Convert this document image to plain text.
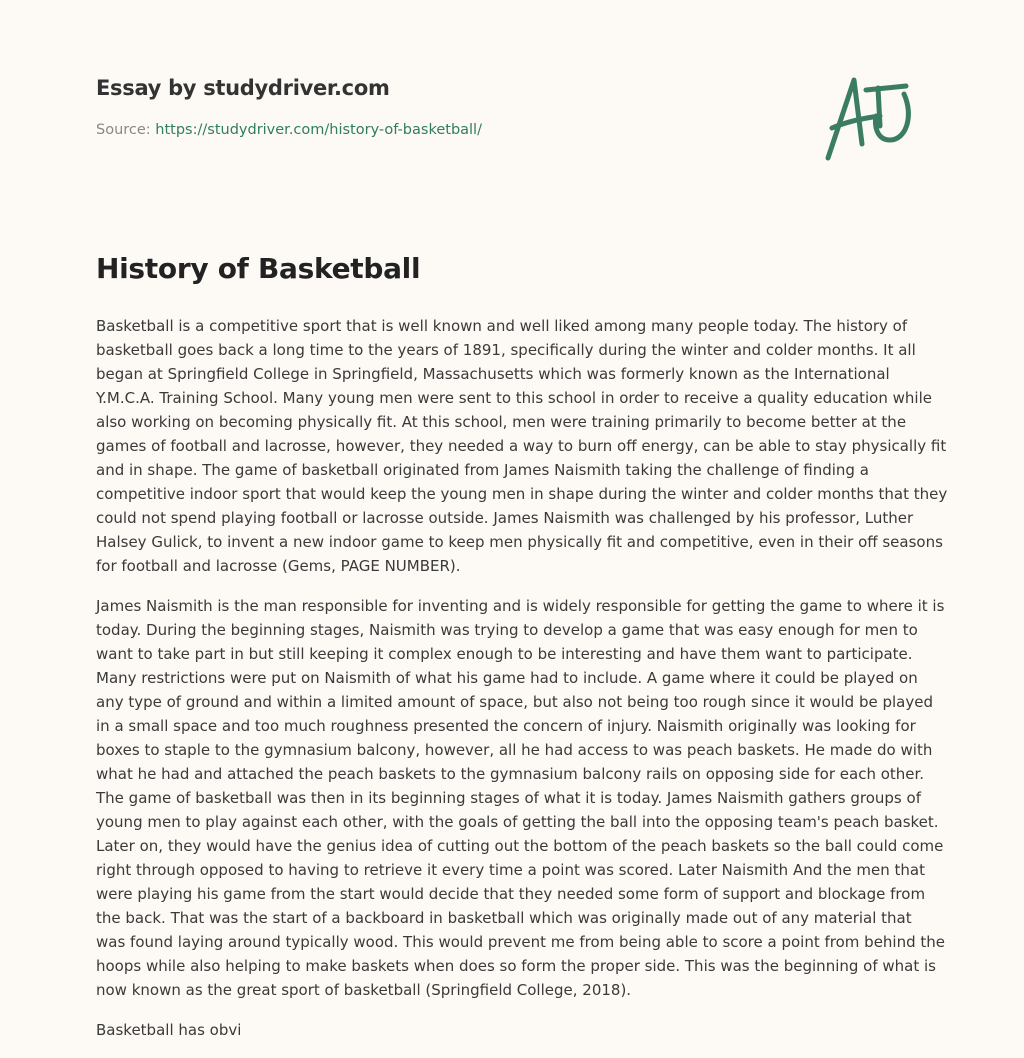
Essay by studydriver.com
Source: https://studydriver.com/history-of-basketball/
History of Basketball

Basketball is a competitive sport that is well known and well liked among many people today. The history of
basketball goes back a long time to the years of 1891, specifically during the winter and colder months. It all
began at Springfield College in Springfield, Massachusetts which was formerly known as the International
Y.M.C.A. Training School. Many young men were sent to this school in order to receive a quality education while
also working on becoming physically fit. At this school, men were training primarily to become better at the
games of football and lacrosse, however, they needed a way to burn off energy, can be able to stay physically fit
and in shape. The game of basketball originated from James Naismith taking the challenge of finding a
competitive indoor sport that would keep the young men in shape during the winter and colder months that they
could not spend playing football or lacrosse outside. James Naismith was challenged by his professor, Luther
Halsey Gulick, to invent a new indoor game to keep men physically fit and competitive, even in their off seasons
for football and lacrosse (Gems, PAGE NUMBER).

James Naismith is the man responsible for inventing and is widely responsible for getting the game to where it is
today. During the beginning stages, Naismith was trying to develop a game that was easy enough for men to
want to take part in but still keeping it complex enough to be interesting and have them want to participate.
Many restrictions were put on Naismith of what his game had to include. A game where it could be played on
any type of ground and within a limited amount of space, but also not being too rough since it would be played
in a small space and too much roughness presented the concern of injury. Naismith originally was looking for
boxes to staple to the gymnasium balcony, however, all he had access to was peach baskets. He made do with
what he had and attached the peach baskets to the gymnasium balcony rails on opposing side for each other.
The game of basketball was then in its beginning stages of what it is today. James Naismith gathers groups of
young men to play against each other, with the goals of getting the ball into the opposing team's peach basket.
Later on, they would have the genius idea of cutting out the bottom of the peach baskets so the ball could come
right through opposed to having to retrieve it every time a point was scored. Later Naismith And the men that
were playing his game from the start would decide that they needed some form of support and blockage from
the back. That was the start of a backboard in basketball which was originally made out of any material that
was found laying around typically wood. This would prevent me from being able to score a point from behind the
hoops while also helping to make baskets when does so form the proper side. This was the beginning of what is
now known as the great sport of basketball (Springfield College, 2018).

Basketball has obvi
